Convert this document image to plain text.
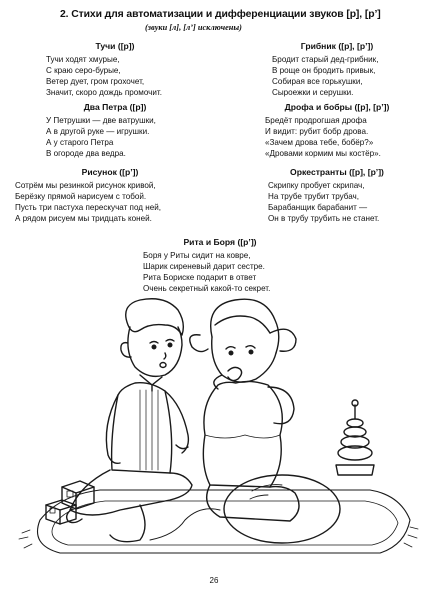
2. Стихи для автоматизации и дифференциации звуков [р], [р’]
(звуки [л], [л’] исключены)
Тучи ([р])
Тучи ходят хмурые,
С краю серо-бурые,
Ветер дует, гром грохочет,
Значит, скоро дождь промочит.
Грибник ([р], [р’])
Бродит старый дед-грибник,
В роще он бродить привык,
Собирая все горькушки,
Сыроежки и серушки.
Два Петра ([р])
У Петрушки — две ватрушки,
А в другой руке — игрушки.
А у старого Петра
В огороде два ведра.
Дрофа и бобры ([р], [р’])
Бредёт продрогшая дрофа
И видит: рубит бобр дрова.
«Зачем дрова тебе, бобёр?»
«Дровами кормим мы костёр».
Рисунок ([р’])
Сотрём мы резинкой рисунок кривой,
Берёзку прямой нарисуем с тобой.
Пусть три пастуха перескучат под ней,
А рядом рисуем мы тридцать коней.
Оркестранты ([р], [р’])
Скрипку пробует скрипач,
На трубе трубит трубач,
Барабанщик барабанит —
Он в трубу трубить не станет.
Рита и Боря ([р’])
Боря у Риты сидит на ковре,
Шарик сиреневый дарит сестре.
Рита Бориске подарит в ответ
Очень секретный какой-то секрет.
26
